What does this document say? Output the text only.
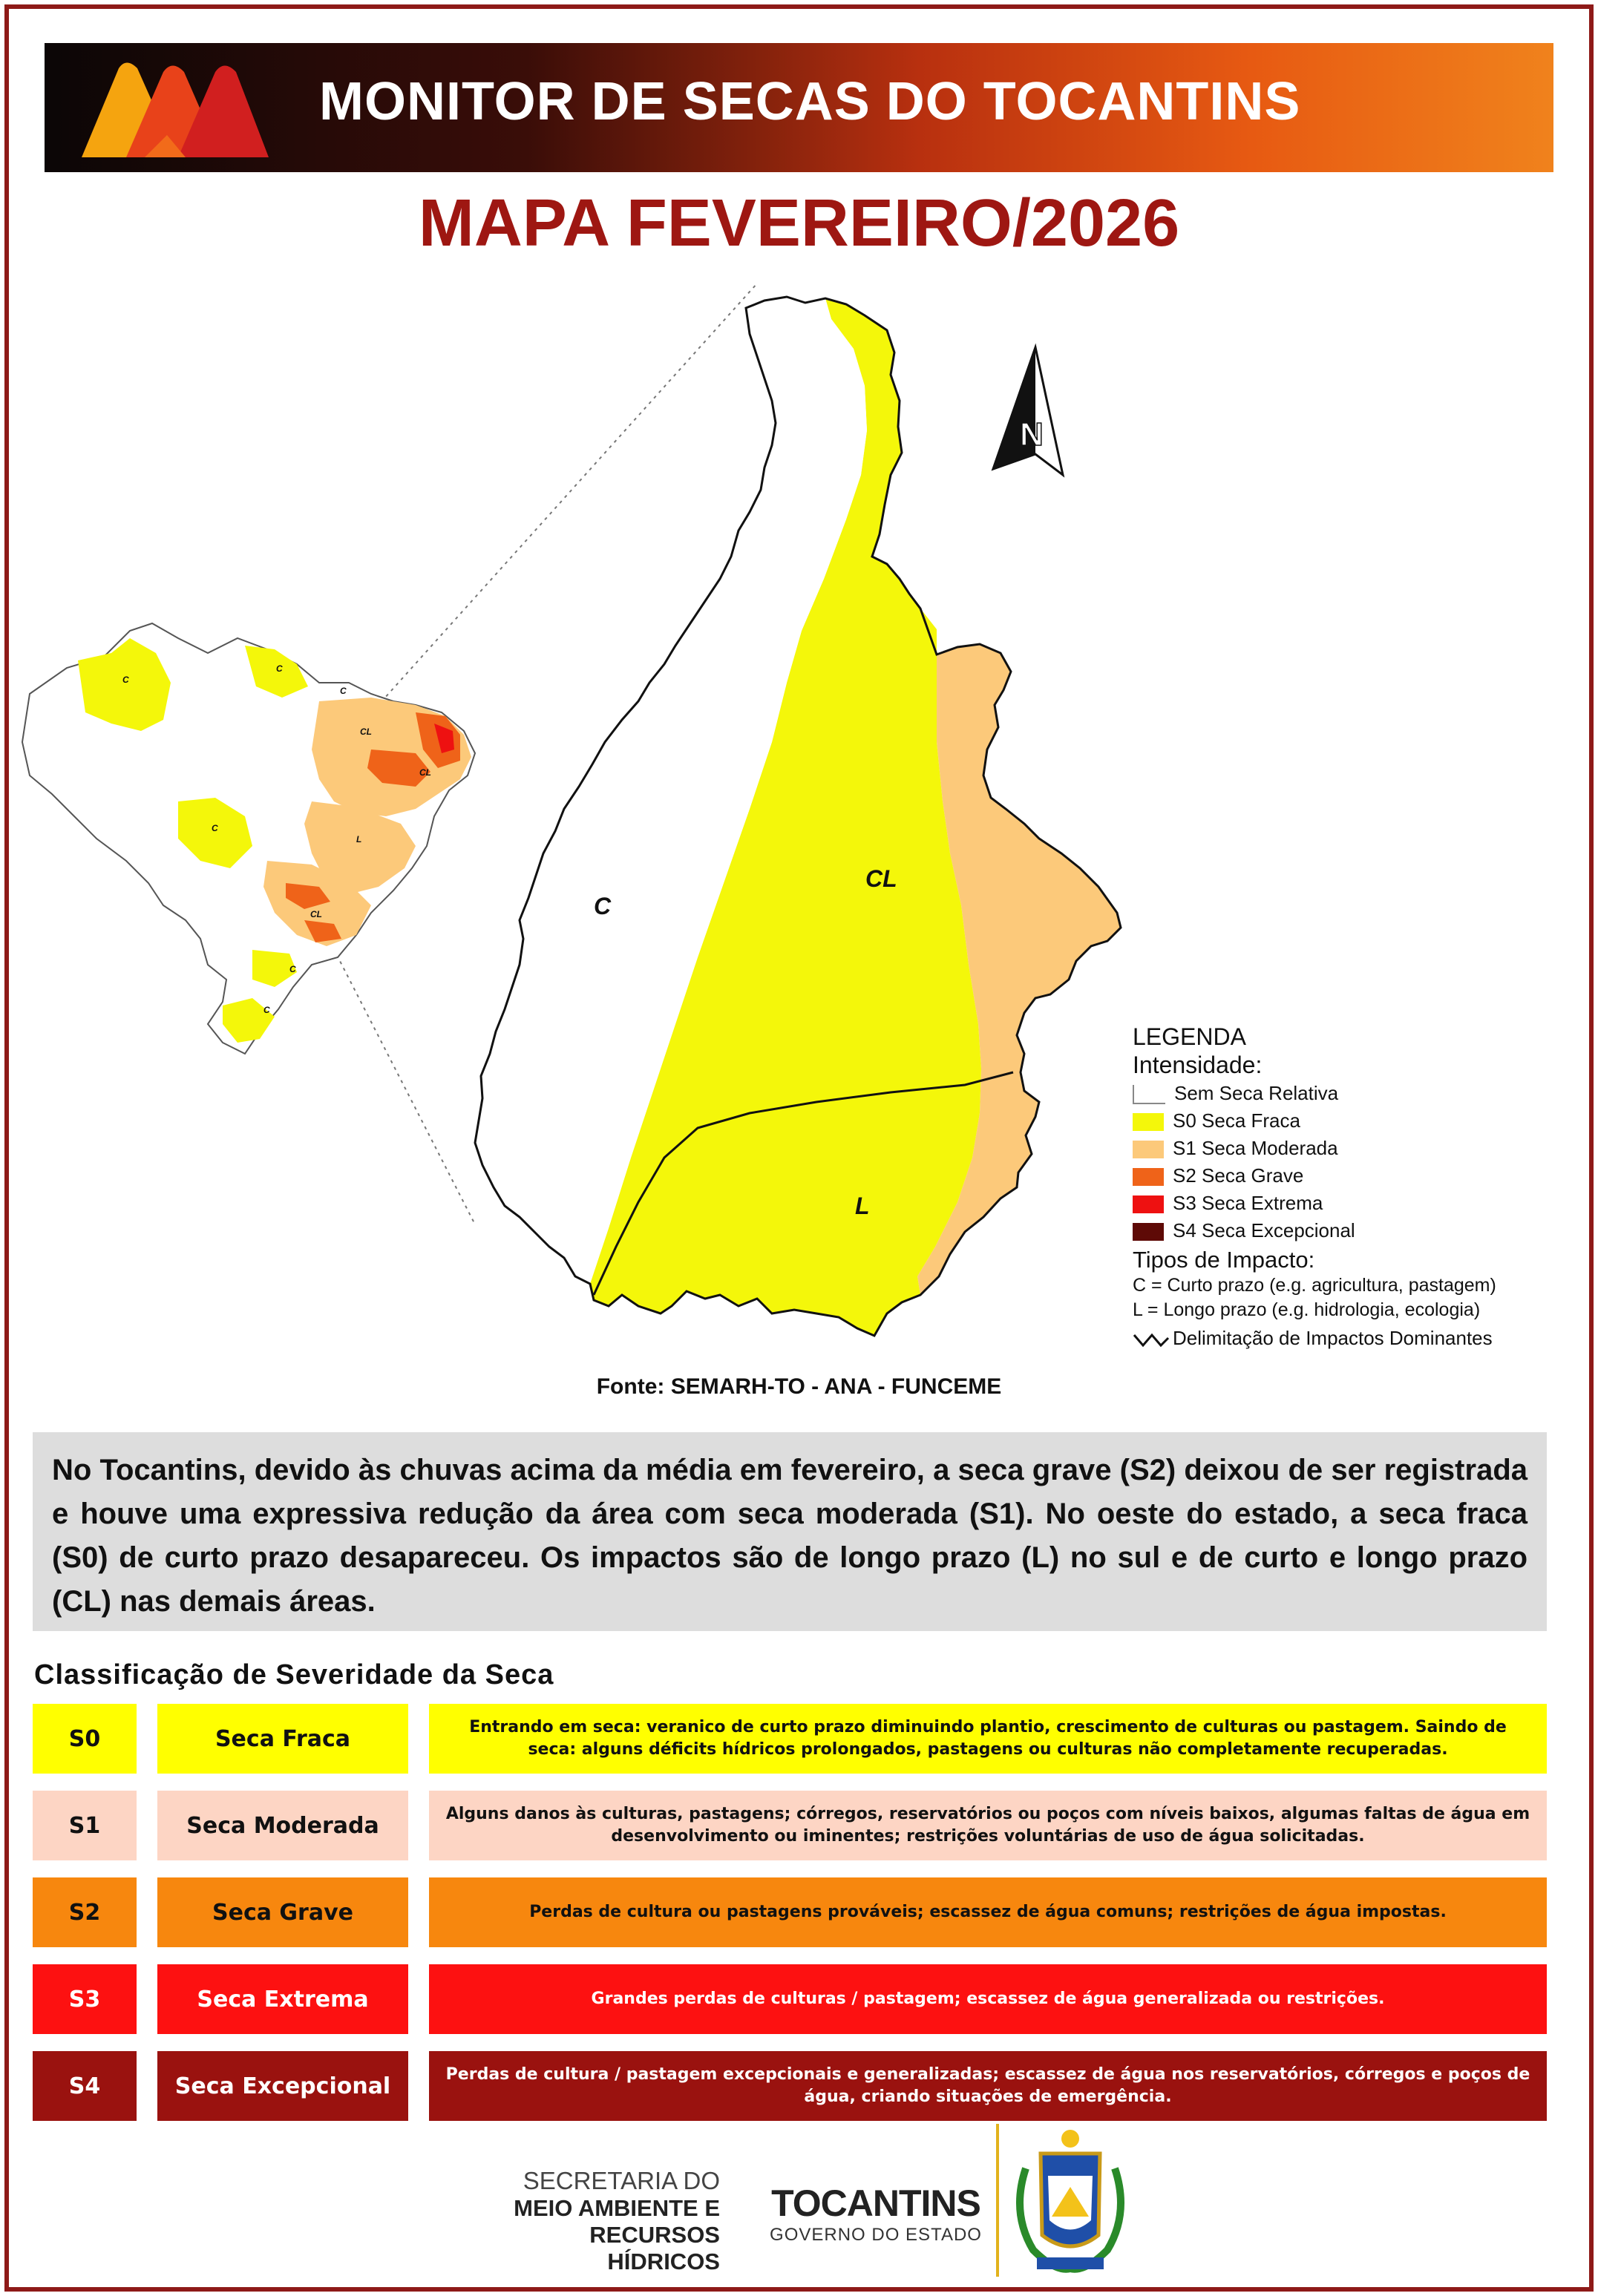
MONITOR DE SECAS DO TOCANTINS
MAPA FEVEREIRO/2026
C
CL
L
N
C
C
C
CL
CL
L
C
CL
C
C
LEGENDA
Intensidade:
Sem Seca Relativa
S0 Seca Fraca
S1 Seca Moderada
S2 Seca Grave
S3 Seca Extrema
S4 Seca Excepcional
Tipos de Impacto:
C = Curto prazo (e.g. agricultura, pastagem)
L = Longo prazo (e.g. hidrologia, ecologia)
Delimitação de Impactos Dominantes
Fonte: SEMARH-TO - ANA - FUNCEME

No Tocantins, devido às chuvas acima da média em fevereiro, a seca grave (S2) deixou de ser registrada e houve uma expressiva redução da área com seca moderada (S1). No oeste do estado, a seca fraca (S0) de curto prazo desapareceu. Os impactos são de longo prazo (L) no sul e de curto e longo prazo (CL) nas demais áreas.

Classificação de Severidade da Seca
S0	Seca Fraca	Entrando em seca: veranico de curto prazo diminuindo plantio, crescimento de culturas ou pastagem. Saindo de seca: alguns déficits hídricos prolongados, pastagens ou culturas não completamente recuperadas.
S1	Seca Moderada	Alguns danos às culturas, pastagens; córregos, reservatórios ou poços com níveis baixos, algumas faltas de água em desenvolvimento ou iminentes; restrições voluntárias de uso de água solicitadas.
S2	Seca Grave	Perdas de cultura ou pastagens prováveis; escassez de água comuns; restrições de água impostas.
S3	Seca Extrema	Grandes perdas de culturas / pastagem; escassez de água generalizada ou restrições.
S4	Seca Excepcional	Perdas de cultura / pastagem excepcionais e generalizadas; escassez de água nos reservatórios, córregos e poços de água, criando situações de emergência.
SECRETARIA DO
MEIO AMBIENTE E
RECURSOS HÍDRICOS
TOCANTINS
GOVERNO DO ESTADO
